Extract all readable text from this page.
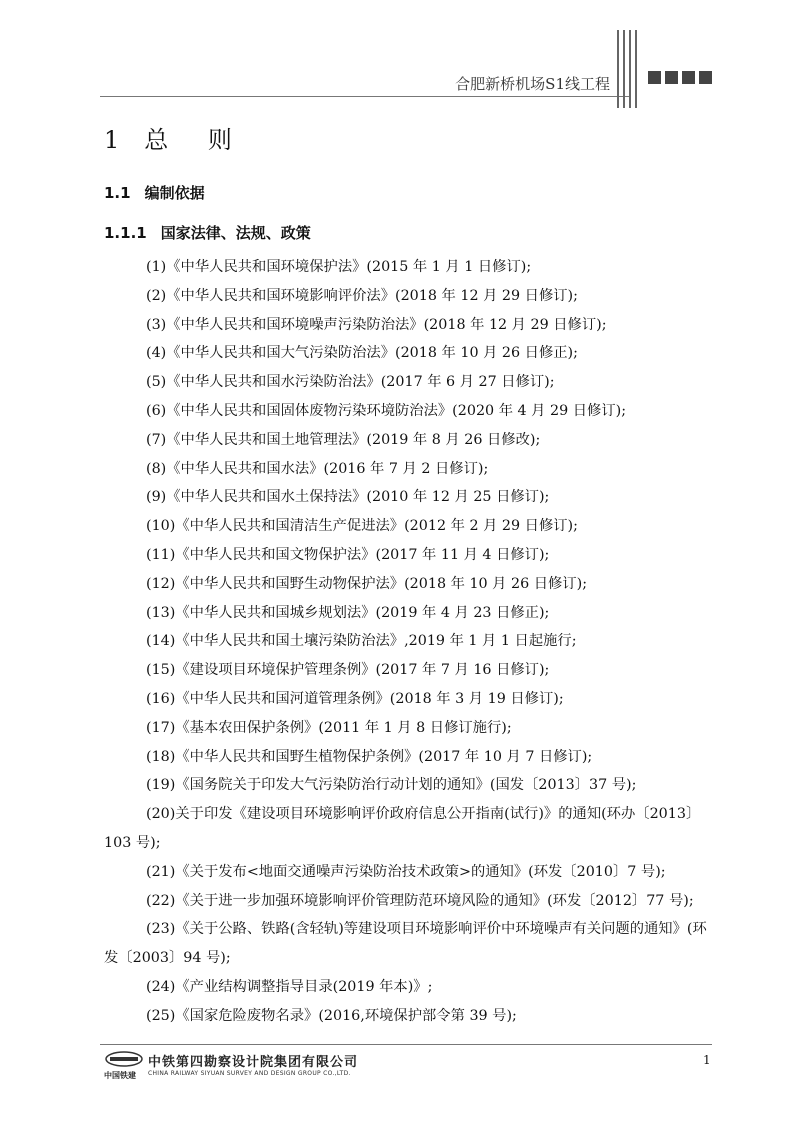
合肥新桥机场S1线工程
1 总 则
1.1 编制依据
1.1.1 国家法律、法规、政策

(1)《中华人民共和国环境保护法》(2015 年 1 月 1 日修订);

(2)《中华人民共和国环境影响评价法》(2018 年 12 月 29 日修订);

(3)《中华人民共和国环境噪声污染防治法》(2018 年 12 月 29 日修订);

(4)《中华人民共和国大气污染防治法》(2018 年 10 月 26 日修正);

(5)《中华人民共和国水污染防治法》(2017 年 6 月 27 日修订);

(6)《中华人民共和国固体废物污染环境防治法》(2020 年 4 月 29 日修订);

(7)《中华人民共和国土地管理法》(2019 年 8 月 26 日修改);

(8)《中华人民共和国水法》(2016 年 7 月 2 日修订);

(9)《中华人民共和国水土保持法》(2010 年 12 月 25 日修订);

(10)《中华人民共和国清洁生产促进法》(2012 年 2 月 29 日修订);

(11)《中华人民共和国文物保护法》(2017 年 11 月 4 日修订);

(12)《中华人民共和国野生动物保护法》(2018 年 10 月 26 日修订);

(13)《中华人民共和国城乡规划法》(2019 年 4 月 23 日修正);

(14)《中华人民共和国土壤污染防治法》,2019 年 1 月 1 日起施行;

(15)《建设项目环境保护管理条例》(2017 年 7 月 16 日修订);

(16)《中华人民共和国河道管理条例》(2018 年 3 月 19 日修订);

(17)《基本农田保护条例》(2011 年 1 月 8 日修订施行);

(18)《中华人民共和国野生植物保护条例》(2017 年 10 月 7 日修订);

(19)《国务院关于印发大气污染防治行动计划的通知》(国发〔2013〕37 号);

(20)关于印发《建设项目环境影响评价政府信息公开指南(试行)》的通知(环办〔2013〕103 号);

(21)《关于发布<地面交通噪声污染防治技术政策>的通知》(环发〔2010〕7 号);

(22)《关于进一步加强环境影响评价管理防范环境风险的通知》(环发〔2012〕77 号);

(23)《关于公路、铁路(含轻轨)等建设项目环境影响评价中环境噪声有关问题的通知》(环发〔2003〕94 号);

(24)《产业结构调整指导目录(2019 年本)》;

(25)《国家危险废物名录》(2016,环境保护部令第 39 号);

中国铁建
中铁第四勘察设计院集团有限公司
CHINA RAILWAY SIYUAN SURVEY AND DESIGN GROUP CO.,LTD.
1
